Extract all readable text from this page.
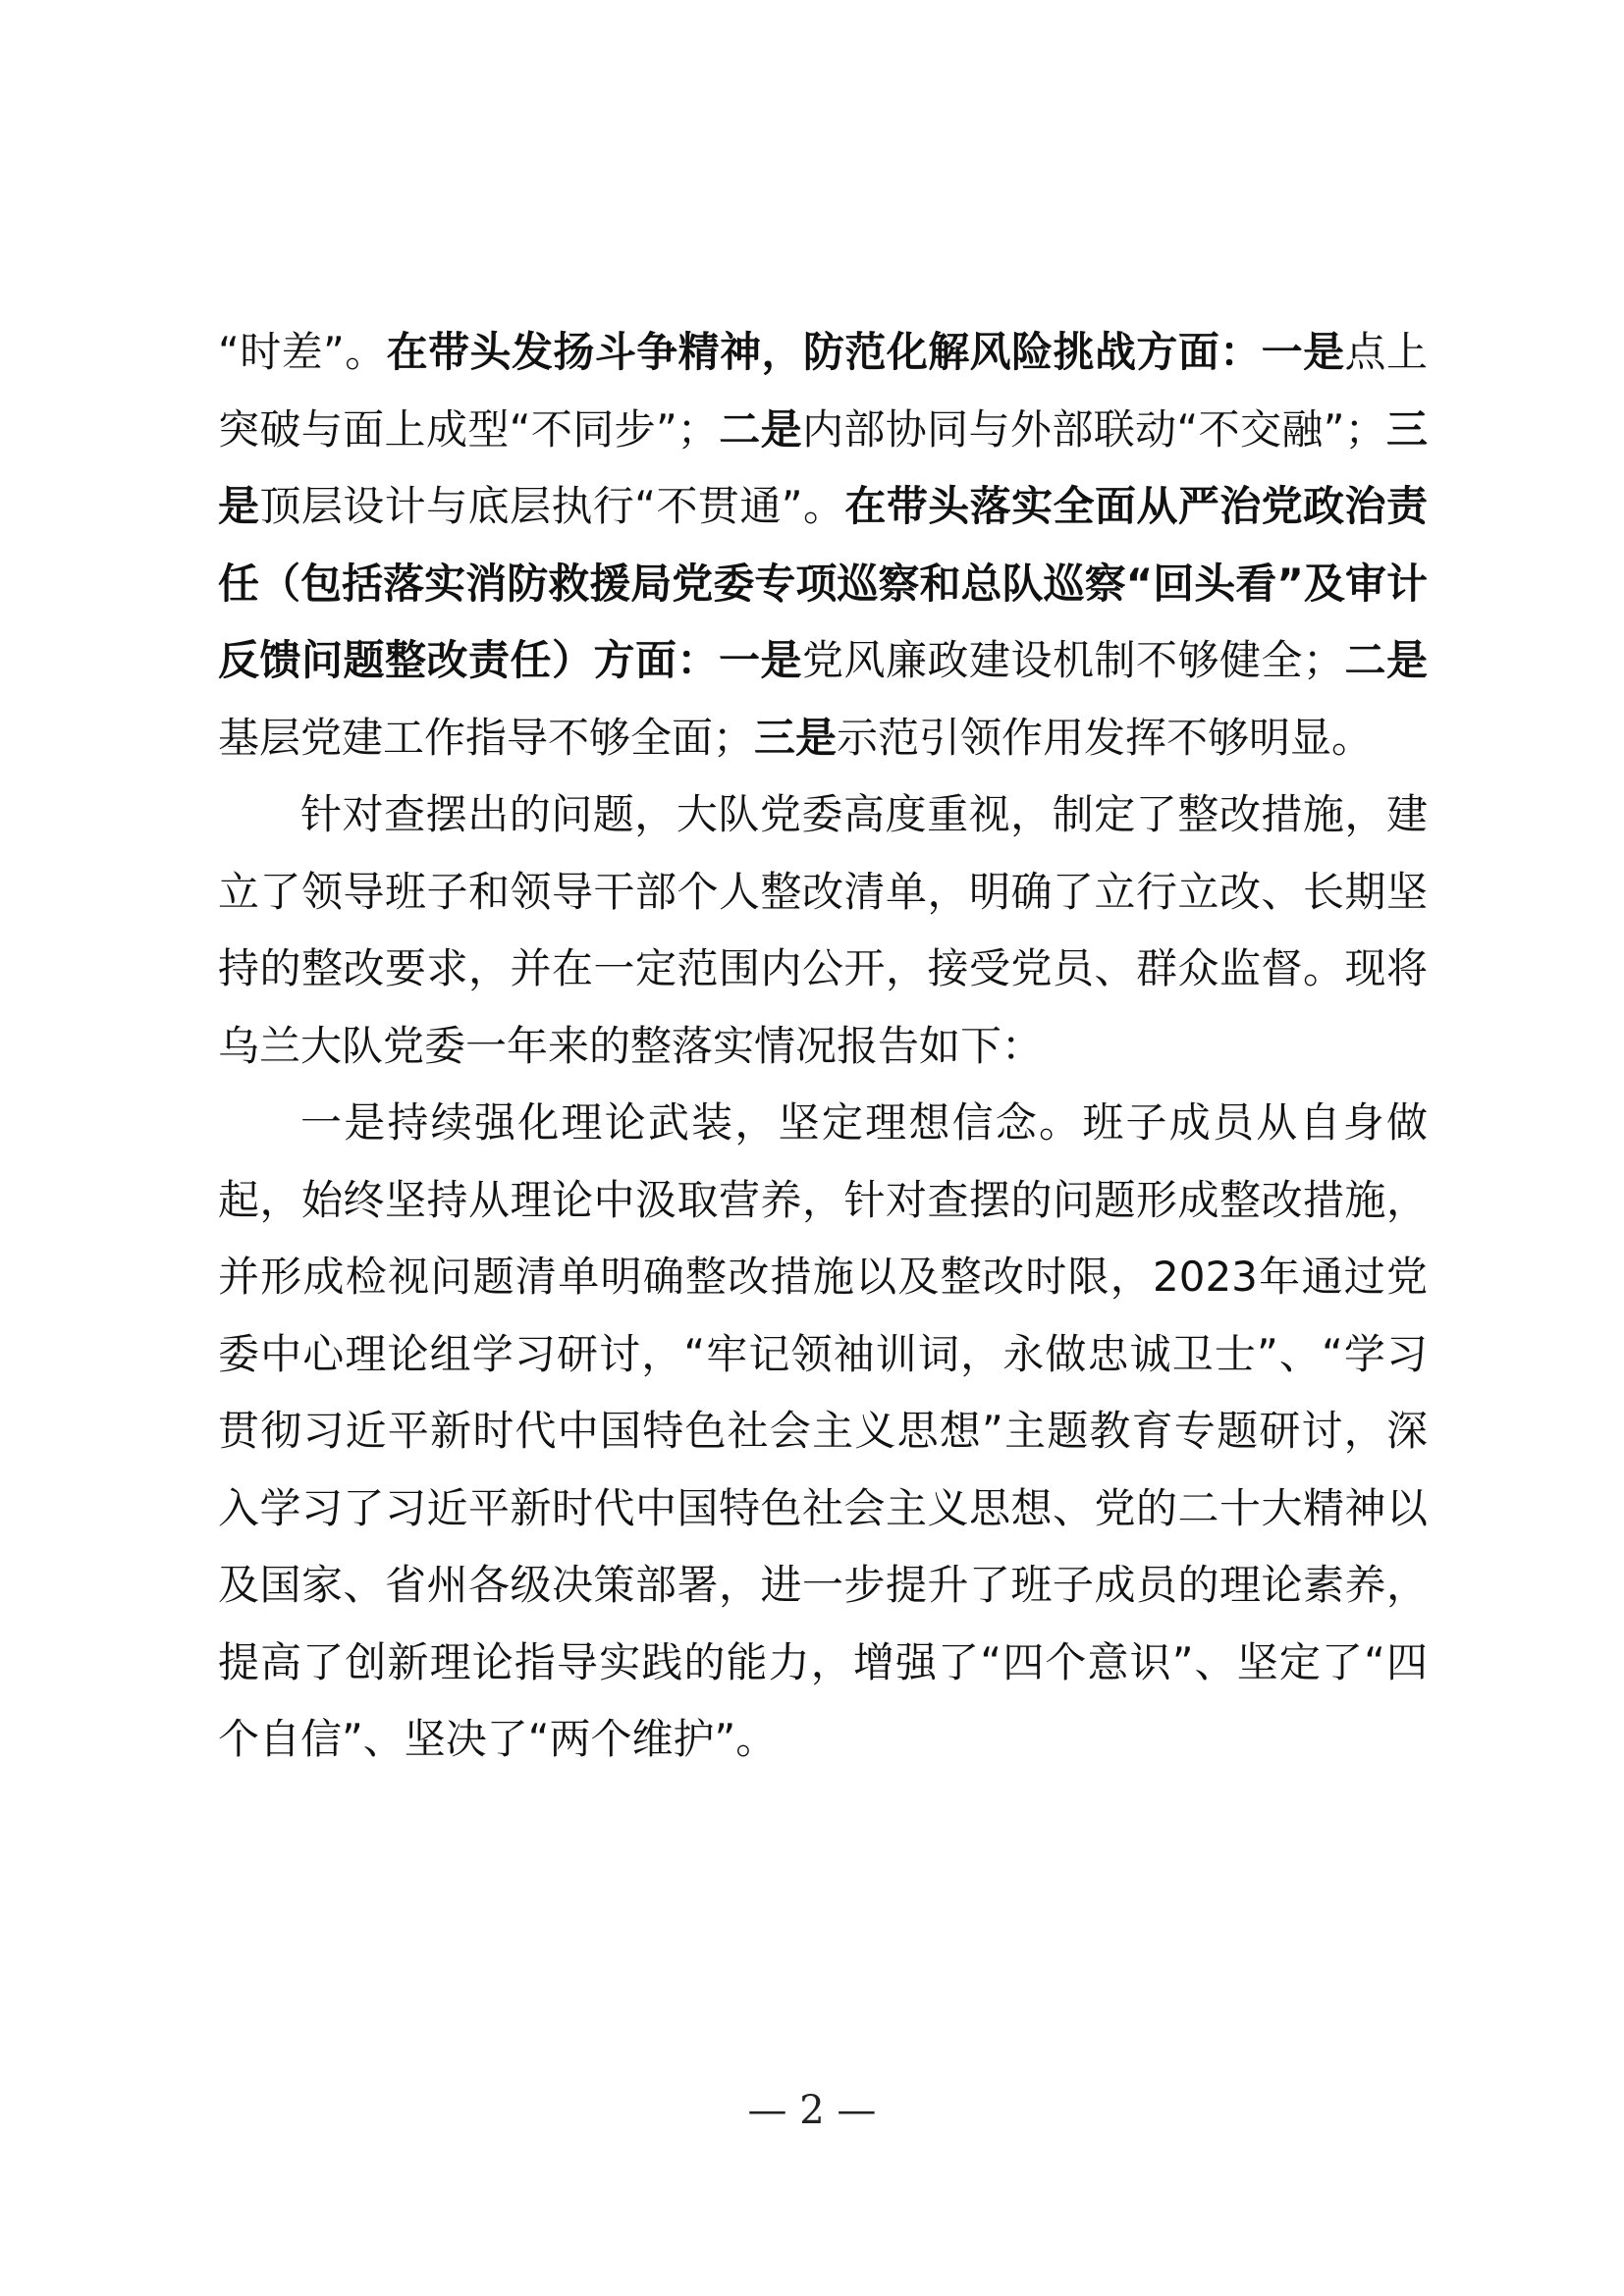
“时差”。在带头发扬斗争精神，防范化解风险挑战方面：一是点上突破与面上成型“不同步”；二是内部协同与外部联动“不交融”；三是顶层设计与底层执行“不贯通”。在带头落实全面从严治党政治责任（包括落实消防救援局党委专项巡察和总队巡察“回头看”及审计反馈问题整改责任）方面：一是党风廉政建设机制不够健全；二是基层党建工作指导不够全面；三是示范引领作用发挥不够明显。

针对查摆出的问题，大队党委高度重视，制定了整改措施，建立了领导班子和领导干部个人整改清单，明确了立行立改、长期坚持的整改要求，并在一定范围内公开，接受党员、群众监督。现将乌兰大队党委一年来的整落实情况报告如下：

一是持续强化理论武装，坚定理想信念。班子成员从自身做起，始终坚持从理论中汲取营养，针对查摆的问题形成整改措施，并形成检视问题清单明确整改措施以及整改时限，2023年通过党委中心理论组学习研讨，“牢记领袖训词，永做忠诚卫士”、“学习贯彻习近平新时代中国特色社会主义思想”主题教育专题研讨，深入学习了习近平新时代中国特色社会主义思想、党的二十大精神以及国家、省州各级决策部署，进一步提升了班子成员的理论素养，提高了创新理论指导实践的能力，增强了“四个意识”、坚定了“四个自信”、坚决了“两个维护”。

— 2 —
